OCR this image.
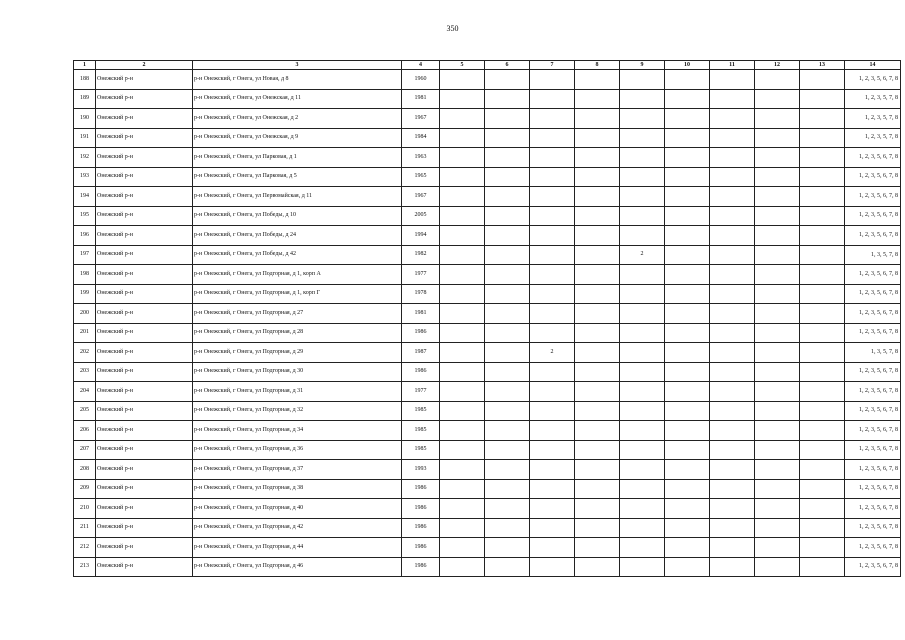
350
1	2	3	4	5	6	7	8	9	10	11	12	13	14
188	Онежский р-н	р-н Онежский, г Онега, ул Новая, д 8	1960										1, 2, 3, 5, 6, 7, 8
189	Онежский р-н	р-н Онежский, г Онега, ул Онежская, д 11	1981										1, 2, 3, 5, 7, 8
190	Онежский р-н	р-н Онежский, г Онега, ул Онежская, д 2	1967										1, 2, 3, 5, 7, 8
191	Онежский р-н	р-н Онежский, г Онега, ул Онежская, д 9	1984										1, 2, 3, 5, 7, 8
192	Онежский р-н	р-н Онежский, г Онега, ул Парковая, д 1	1963										1, 2, 3, 5, 6, 7, 8
193	Онежский р-н	р-н Онежский, г Онега, ул Парковая, д 5	1965										1, 2, 3, 5, 6, 7, 8
194	Онежский р-н	р-н Онежский, г Онега, ул Первомайская, д 11	1967										1, 2, 3, 5, 6, 7, 8
195	Онежский р-н	р-н Онежский, г Онега, ул Победы, д 10	2005										1, 2, 3, 5, 6, 7, 8
196	Онежский р-н	р-н Онежский, г Онега, ул Победы, д 24	1994										1, 2, 3, 5, 6, 7, 8
197	Онежский р-н	р-н Онежский, г Онега, ул Победы, д 42	1982					2					1, 3, 5, 7, 8
198	Онежский р-н	р-н Онежский, г Онега, ул Подгорная, д 1, корп А	1977										1, 2, 3, 5, 6, 7, 8
199	Онежский р-н	р-н Онежский, г Онега, ул Подгорная, д 1, корп Г	1978										1, 2, 3, 5, 6, 7, 8
200	Онежский р-н	р-н Онежский, г Онега, ул Подгорная, д 27	1981										1, 2, 3, 5, 6, 7, 8
201	Онежский р-н	р-н Онежский, г Онега, ул Подгорная, д 28	1986										1, 2, 3, 5, 6, 7, 8
202	Онежский р-н	р-н Онежский, г Онега, ул Подгорная, д 29	1987			2							1, 3, 5, 7, 8
203	Онежский р-н	р-н Онежский, г Онега, ул Подгорная, д 30	1986										1, 2, 3, 5, 6, 7, 8
204	Онежский р-н	р-н Онежский, г Онега, ул Подгорная, д 31	1977										1, 2, 3, 5, 6, 7, 8
205	Онежский р-н	р-н Онежский, г Онега, ул Подгорная, д 32	1985										1, 2, 3, 5, 6, 7, 8
206	Онежский р-н	р-н Онежский, г Онега, ул Подгорная, д 34	1985										1, 2, 3, 5, 6, 7, 8
207	Онежский р-н	р-н Онежский, г Онега, ул Подгорная, д 36	1985										1, 2, 3, 5, 6, 7, 8
208	Онежский р-н	р-н Онежский, г Онега, ул Подгорная, д 37	1993										1, 2, 3, 5, 6, 7, 8
209	Онежский р-н	р-н Онежский, г Онега, ул Подгорная, д 38	1986										1, 2, 3, 5, 6, 7, 8
210	Онежский р-н	р-н Онежский, г Онега, ул Подгорная, д 40	1986										1, 2, 3, 5, 6, 7, 8
211	Онежский р-н	р-н Онежский, г Онега, ул Подгорная, д 42	1986										1, 2, 3, 5, 6, 7, 8
212	Онежский р-н	р-н Онежский, г Онега, ул Подгорная, д 44	1986										1, 2, 3, 5, 6, 7, 8
213	Онежский р-н	р-н Онежский, г Онега, ул Подгорная, д 46	1986										1, 2, 3, 5, 6, 7, 8
